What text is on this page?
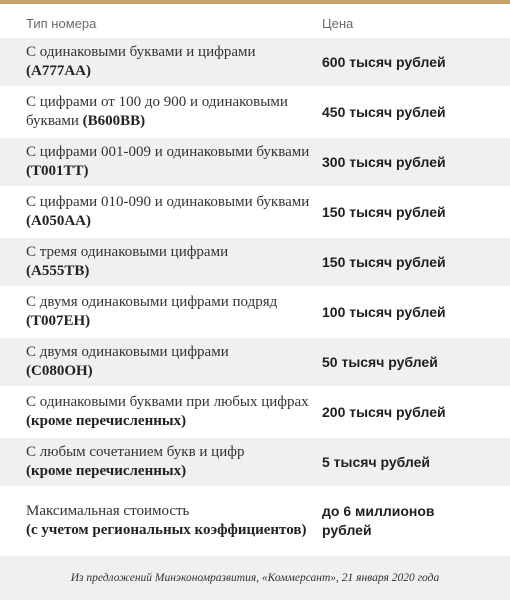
Тип номера	Цена
С одинаковыми буквами и цифрами
(А777АА)
600 тысяч рублей
С цифрами от 100 до 900 и одинаковыми буквами (В600ВВ)
450 тысяч рублей
С цифрами 001-009 и одинаковыми буквами (Т001ТТ)
300 тысяч рублей
С цифрами 010-090 и одинаковыми буквами (А050АА)
150 тысяч рублей
С тремя одинаковыми цифрами
(А555ТВ)
150 тысяч рублей
С двумя одинаковыми цифрами подряд (Т007ЕН)
100 тысяч рублей
С двумя одинаковыми цифрами
(С080ОН)
50 тысяч рублей
С одинаковыми буквами при любых цифрах (кроме перечисленных)
200 тысяч рублей
С любым сочетанием букв и цифр
(кроме перечисленных)
5 тысяч рублей
Максимальная стоимость
(с учетом региональных коэффициентов)
до 6 миллионов рублей
Из предложений Минэкономразвития, «Коммерсант», 21 января 2020 года
